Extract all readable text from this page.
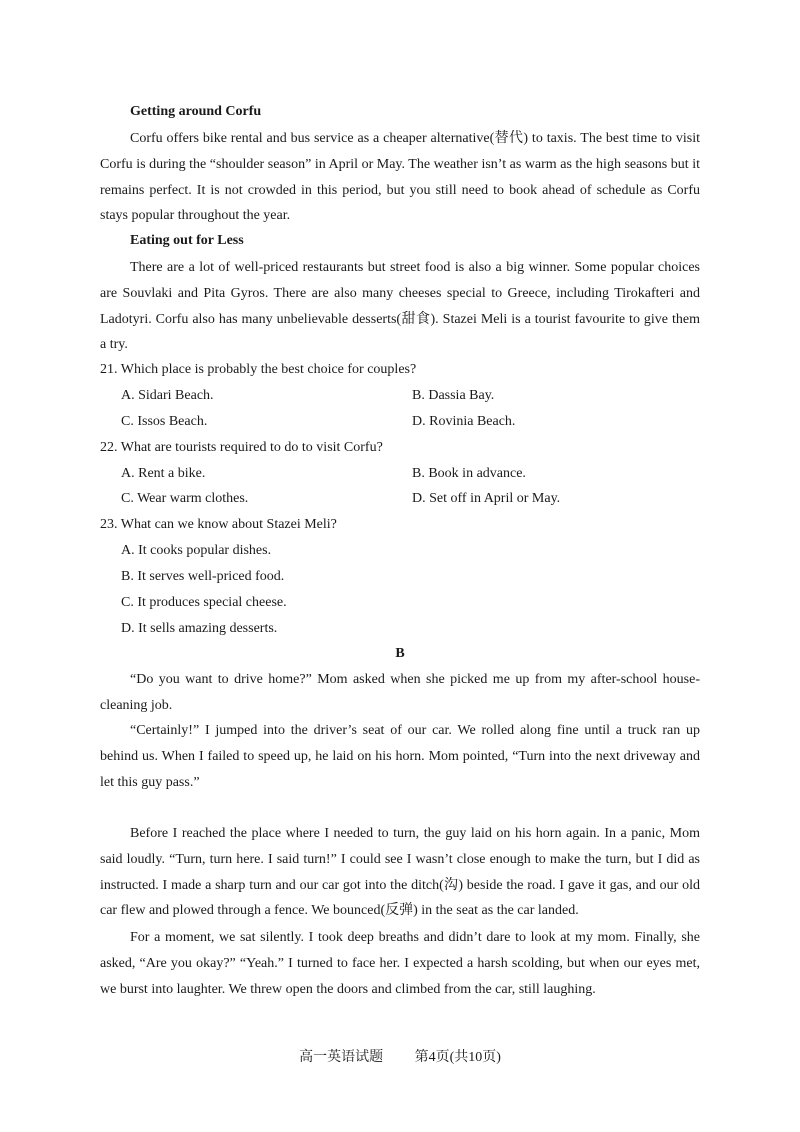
Getting around Corfu

Corfu offers bike rental and bus service as a cheaper alternative(替代) to taxis. The best time to visit Corfu is during the “shoulder season” in April or May. The weather isn’t as warm as the high seasons but it remains perfect. It is not crowded in this period, but you still need to book ahead of schedule as Corfu stays popular throughout the year.

Eating out for Less

There are a lot of well-priced restaurants but street food is also a big winner. Some popular choices are Souvlaki and Pita Gyros. There are also many cheeses special to Greece, including Tirokafteri and Ladotyri. Corfu also has many unbelievable desserts(甜食). Stazei Meli is a tourist favourite to give them a try.

21. Which place is probably the best choice for couples?
A. Sidari Beach.	B. Dassia Bay.
C. Issos Beach.	D. Rovinia Beach.
22. What are tourists required to do to visit Corfu?
A. Rent a bike.	B. Book in advance.
C. Wear warm clothes.	D. Set off in April or May.
23. What can we know about Stazei Meli?
A. It cooks popular dishes.
B. It serves well-priced food.
C. It produces special cheese.
D. It sells amazing desserts.
B

“Do you want to drive home?” Mom asked when she picked me up from my after-school house-cleaning job.

“Certainly!” I jumped into the driver’s seat of our car. We rolled along fine until a truck ran up behind us. When I failed to speed up, he laid on his horn. Mom pointed, “Turn into the next driveway and let this guy pass.”

Before I reached the place where I needed to turn, the guy laid on his horn again. In a panic, Mom said loudly. “Turn, turn here. I said turn!” I could see I wasn’t close enough to make the turn, but I did as instructed. I made a sharp turn and our car got into the ditch(沟) beside the road. I gave it gas, and our old car flew and plowed through a fence. We bounced(反弹) in the seat as the car landed.

For a moment, we sat silently. I took deep breaths and didn’t dare to look at my mom. Finally, she asked, “Are you okay?” “Yeah.” I turned to face her. I expected a harsh scolding, but when our eyes met, we burst into laughter. We threw open the doors and climbed from the car, still laughing.

高一英语试题 第4页(共10页)
